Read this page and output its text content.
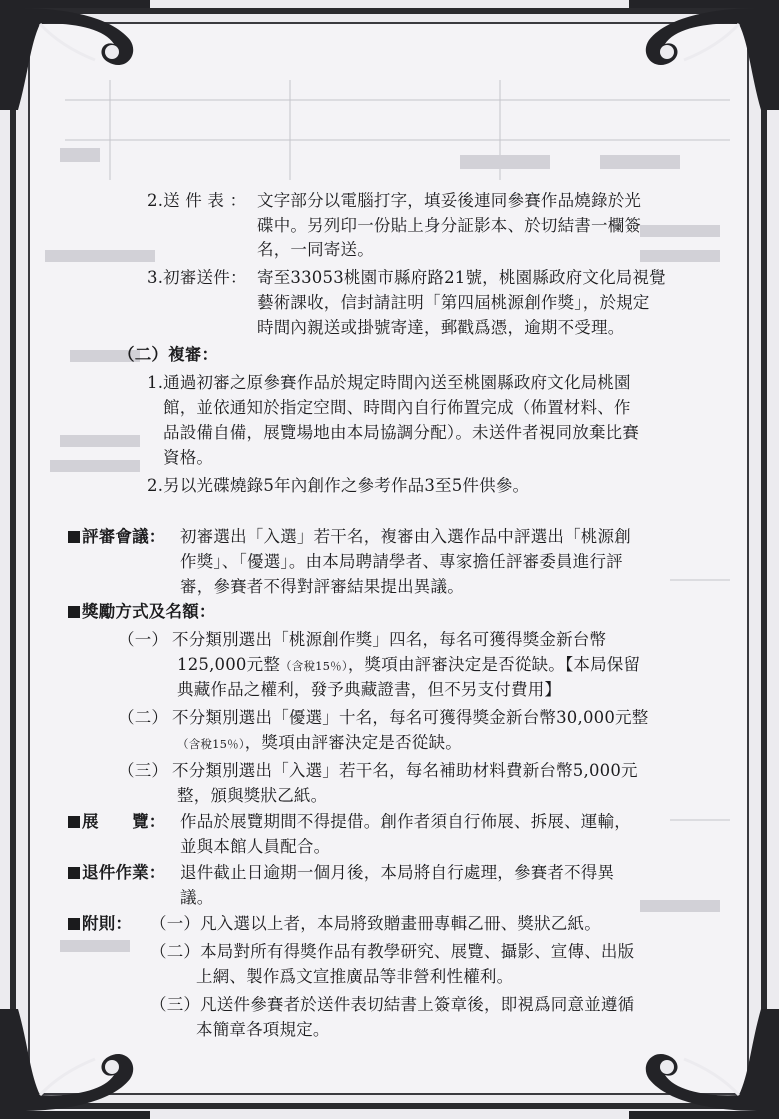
2.送 件 表 ： 文字部分以電腦打字，填妥後連同參賽作品燒錄於光
碟中。另列印一份貼上身分証影本、於切結書一欄簽
名，一同寄送。
3.初審送件： 寄至33053桃園市縣府路21號，桃園縣政府文化局視覺
藝術課收，信封請註明「第四屆桃源創作獎」，於規定
時間內親送或掛號寄達，郵戳爲憑，逾期不受理。
（二）複審：
1.通過初審之原參賽作品於規定時間內送至桃園縣政府文化局桃園
館，並依通知於指定空間、時間內自行佈置完成（佈置材料、作
品設備自備，展覽場地由本局協調分配）。未送件者視同放棄比賽
資格。
2.另以光碟燒錄5年內創作之參考作品3至5件供參。
評審會議： 初審選出「入選」若干名，複審由入選作品中評選出「桃源創
作獎」、「優選」。由本局聘請學者、專家擔任評審委員進行評
審，參賽者不得對評審結果提出異議。
獎勵方式及名額：
（一） 不分類別選出「桃源創作獎」四名，每名可獲得獎金新台幣
125,000元整（含稅15％），獎項由評審決定是否從缺。【本局保留
典藏作品之權利，發予典藏證書，但不另支付費用】
（二） 不分類別選出「優選」十名，每名可獲得獎金新台幣30,000元整
（含稅15％），獎項由評審決定是否從缺。
（三） 不分類別選出「入選」若干名，每名補助材料費新台幣5,000元
整，頒與獎狀乙紙。
展　　覽： 作品於展覽期間不得提借。創作者須自行佈展、拆展、運輸，
並與本館人員配合。
退件作業： 退件截止日逾期一個月後，本局將自行處理，參賽者不得異
議。
附則： （一）凡入選以上者，本局將致贈畫冊專輯乙冊、獎狀乙紙。
（二）本局對所有得獎作品有教學研究、展覽、攝影、宣傳、出版
上網、製作爲文宣推廣品等非營利性權利。
（三）凡送件參賽者於送件表切結書上簽章後，即視爲同意並遵循
本簡章各項規定。
